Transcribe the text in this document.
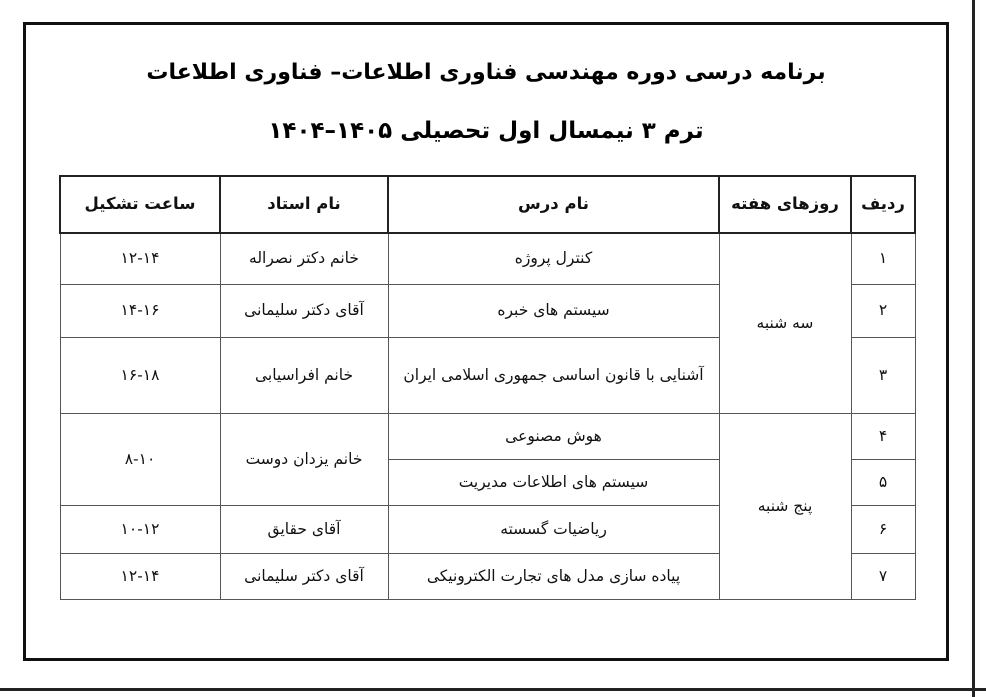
برنامه درسی دوره مهندسی فناوری اطلاعات– فناوری اطلاعات
ترم ۳ نیمسال اول تحصیلی ۱۴۰۵–۱۴۰۴
ردیف	روزهای هفته	نام درس	نام استاد	ساعت تشکیل
۱	سه شنبه	کنترل پروژه	خانم دکتر نصراله	۱۲-۱۴
۲		سیستم های خبره	آقای دکتر سلیمانی	۱۴-۱۶
۳		آشنایی با قانون اساسی جمهوری اسلامی ایران	خانم افراسیابی	۱۶-۱۸
۴	پنج شنبه	هوش مصنوعی	خانم یزدان دوست	۸-۱۰
۵		سیستم های اطلاعات مدیریت		
۶		ریاضیات گسسته	آقای حقایق	۱۰-۱۲
۷		پیاده سازی مدل های تجارت الکترونیکی	آقای دکتر سلیمانی	۱۲-۱۴
